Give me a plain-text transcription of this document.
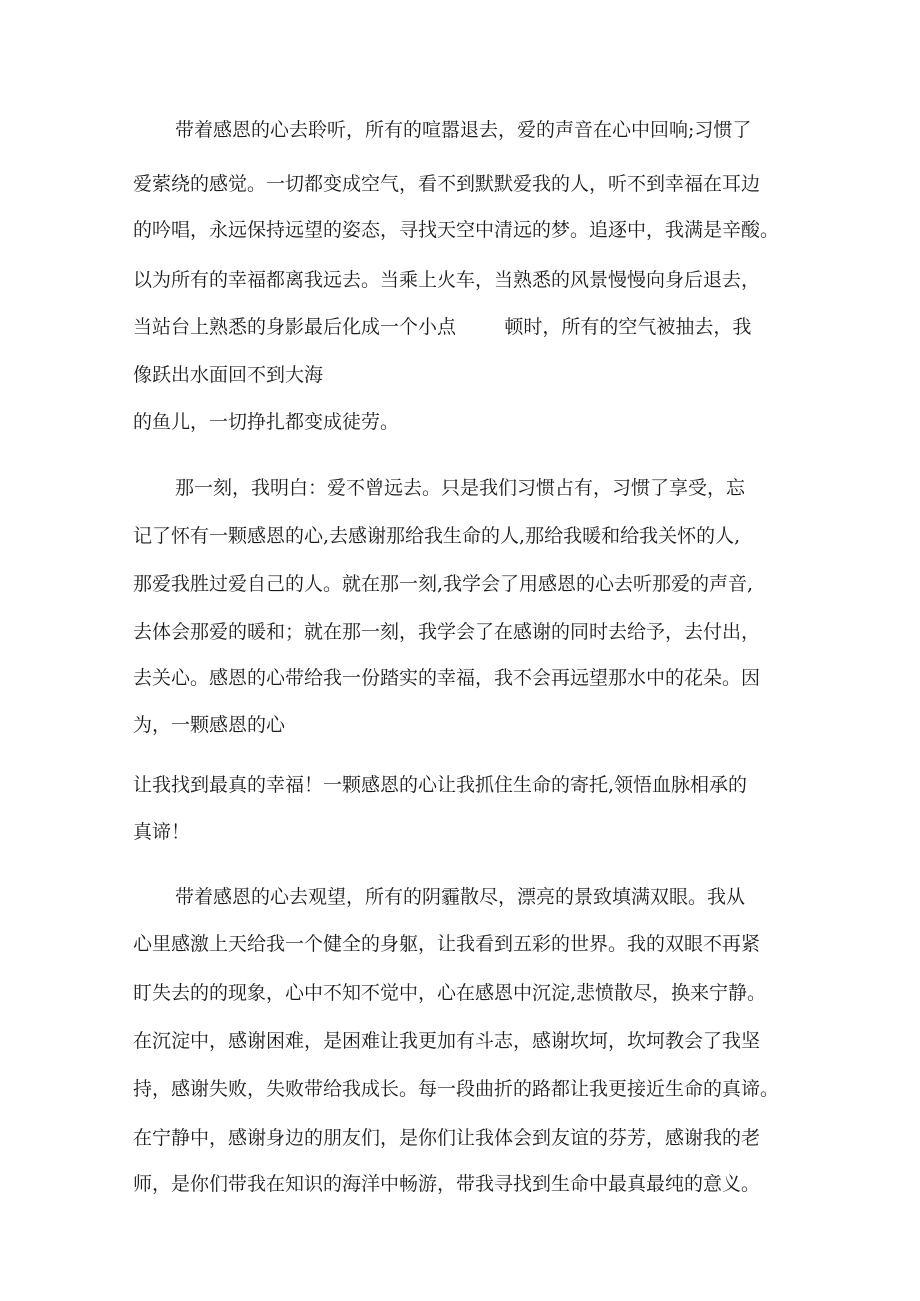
带着感恩的心去聆听，所有的喧嚣退去，爱的声音在心中回响;习惯了
爱萦绕的感觉。一切都变成空气，看不到默默爱我的人，听不到幸福在耳边
的吟唱，永远保持远望的姿态，寻找天空中清远的梦。追逐中，我满是辛酸。
以为所有的幸福都离我远去。当乘上火车，当熟悉的风景慢慢向身后退去，
当站台上熟悉的身影最后化成一个小点        顿时，所有的空气被抽去，我
像跃出水面回不到大海
的鱼儿，一切挣扎都变成徒劳。
那一刻，我明白：爱不曾远去。只是我们习惯占有，习惯了享受，忘
记了怀有一颗感恩的心,去感谢那给我生命的人,那给我暖和给我关怀的人,
那爱我胜过爱自己的人。就在那一刻,我学会了用感恩的心去听那爱的声音,
去体会那爱的暖和；就在那一刻，我学会了在感谢的同时去给予，去付出，
去关心。感恩的心带给我一份踏实的幸福，我不会再远望那水中的花朵。因
为，一颗感恩的心
让我找到最真的幸福！一颗感恩的心让我抓住生命的寄托,领悟血脉相承的
真谛！
带着感恩的心去观望，所有的阴霾散尽，漂亮的景致填满双眼。我从
心里感激上天给我一个健全的身躯，让我看到五彩的世界。我的双眼不再紧
盯失去的的现象，心中不知不觉中，心在感恩中沉淀,悲愤散尽，换来宁静。
在沉淀中，感谢困难，是困难让我更加有斗志，感谢坎坷，坎坷教会了我坚
持，感谢失败，失败带给我成长。每一段曲折的路都让我更接近生命的真谛。
在宁静中，感谢身边的朋友们，是你们让我体会到友谊的芬芳，感谢我的老
师，是你们带我在知识的海洋中畅游，带我寻找到生命中最真最纯的意义。
